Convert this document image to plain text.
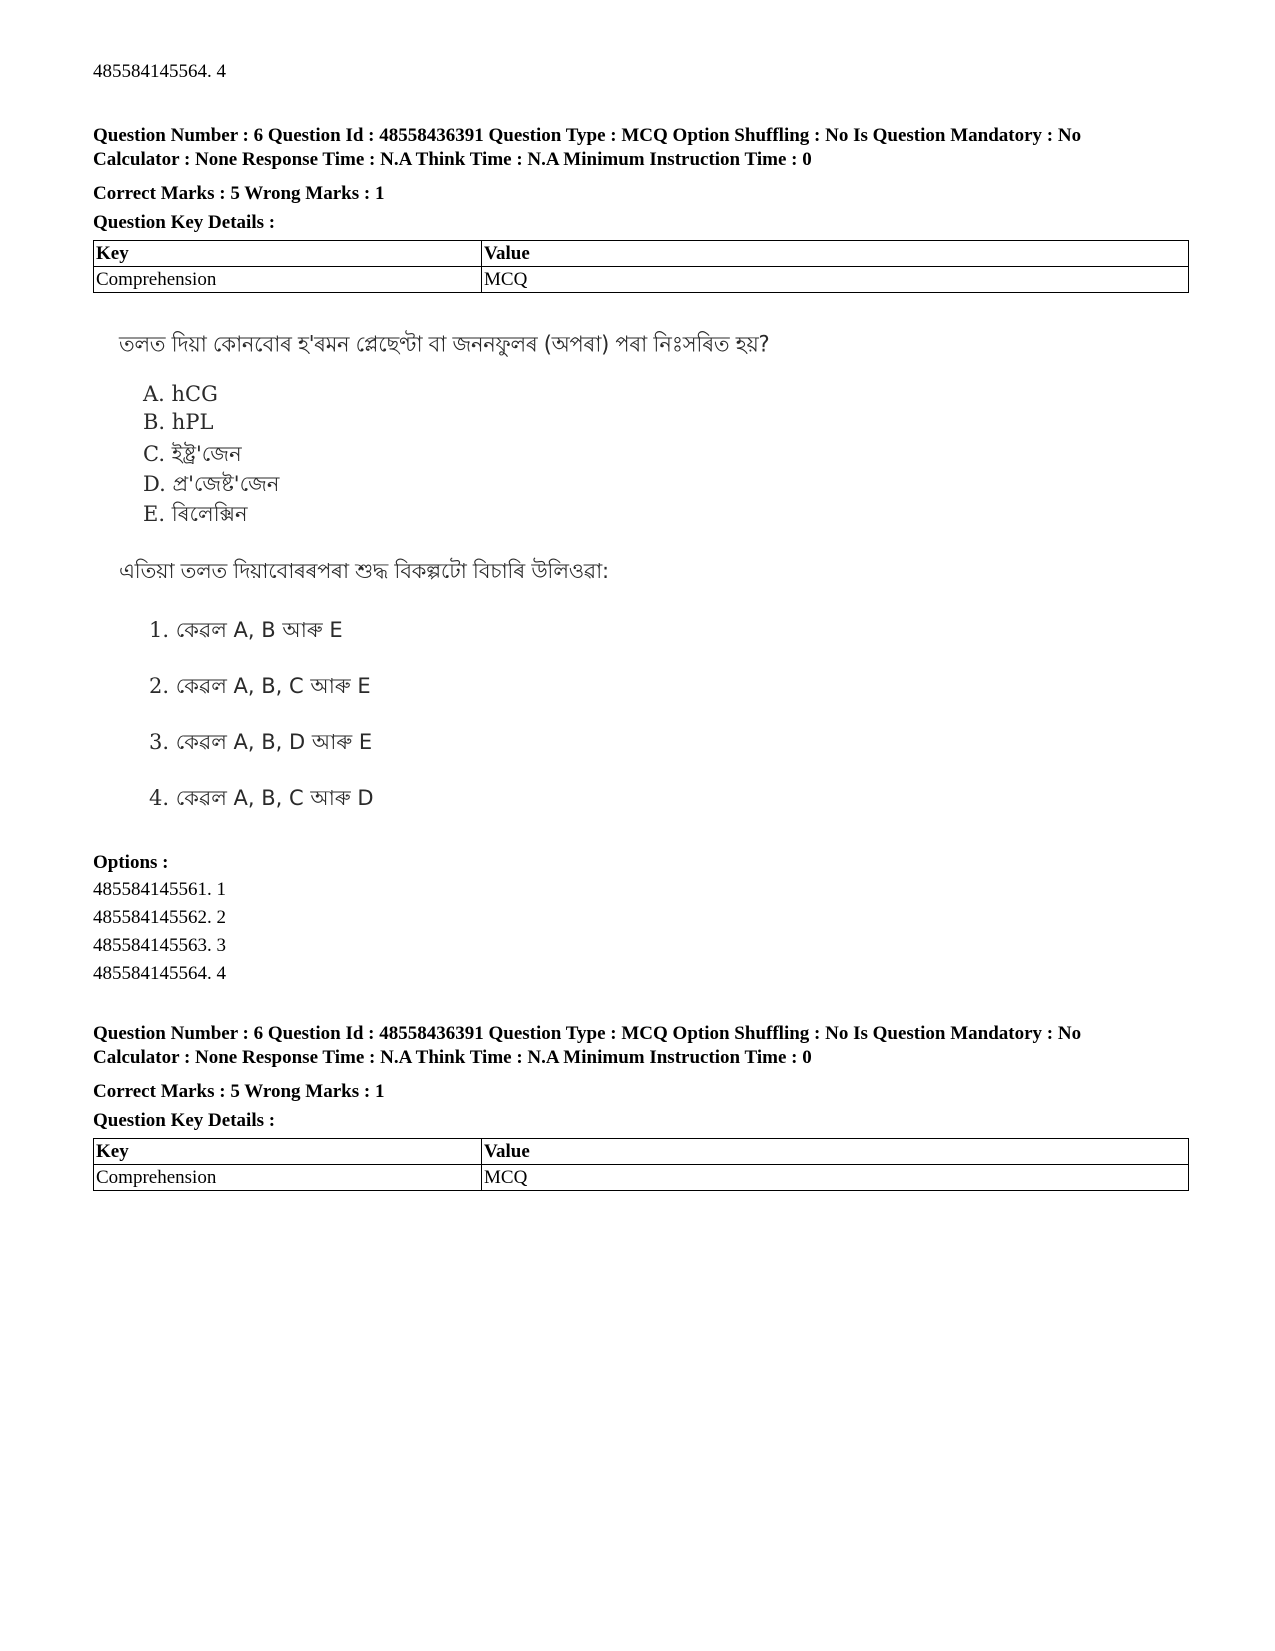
485584145564. 4
Question Number : 6 Question Id : 48558436391 Question Type : MCQ Option Shuffling : No Is Question Mandatory : No
Calculator : None Response Time : N.A Think Time : N.A Minimum Instruction Time : 0
Correct Marks : 5 Wrong Marks : 1
Question Key Details :
Key	Value
Comprehension	MCQ
তলত দিয়া কোনবোৰ হ'ৰমন প্লেছেণ্টা বা জননফুলৰ (অপৰা) পৰা নিঃসৰিত হয়?
A. hCG
B. hPL
C. ইষ্ট্ৰ'জেন
D. প্ৰ'জেষ্ট'জেন
E. ৰিলেক্সিন
এতিয়া তলত দিয়াবোৰৰপৰা শুদ্ধ বিকল্পটো বিচাৰি উলিওৱা:
1. কেৱল A, B আৰু E
2. কেৱল A, B, C আৰু E
3. কেৱল A, B, D আৰু E
4. কেৱল A, B, C আৰু D
Options :
485584145561. 1
485584145562. 2
485584145563. 3
485584145564. 4
Question Number : 6 Question Id : 48558436391 Question Type : MCQ Option Shuffling : No Is Question Mandatory : No
Calculator : None Response Time : N.A Think Time : N.A Minimum Instruction Time : 0
Correct Marks : 5 Wrong Marks : 1
Question Key Details :
Key	Value
Comprehension	MCQ
